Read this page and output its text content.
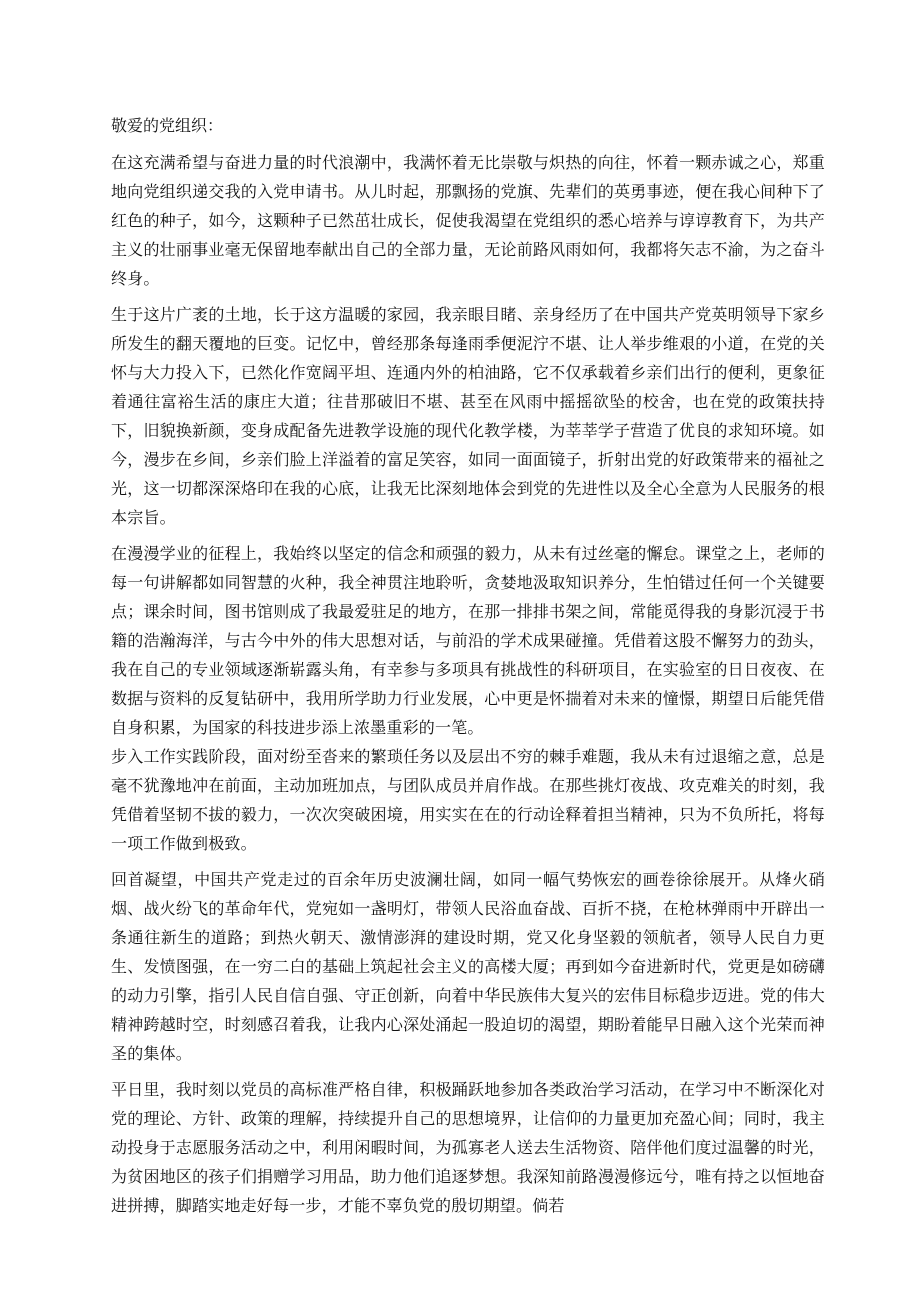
敬爱的党组织：

在这充满希望与奋进力量的时代浪潮中，我满怀着无比崇敬与炽热的向往，怀着一颗赤诚之心，郑重地向党组织递交我的入党申请书。从儿时起，那飘扬的党旗、先辈们的英勇事迹，便在我心间种下了红色的种子，如今，这颗种子已然茁壮成长，促使我渴望在党组织的悉心培养与谆谆教育下，为共产主义的壮丽事业毫无保留地奉献出自己的全部力量，无论前路风雨如何，我都将矢志不渝，为之奋斗终身。

生于这片广袤的土地，长于这方温暖的家园，我亲眼目睹、亲身经历了在中国共产党英明领导下家乡所发生的翻天覆地的巨变。记忆中，曾经那条每逢雨季便泥泞不堪、让人举步维艰的小道，在党的关怀与大力投入下，已然化作宽阔平坦、连通内外的柏油路，它不仅承载着乡亲们出行的便利，更象征着通往富裕生活的康庄大道；往昔那破旧不堪、甚至在风雨中摇摇欲坠的校舍，也在党的政策扶持下，旧貌换新颜，变身成配备先进教学设施的现代化教学楼，为莘莘学子营造了优良的求知环境。如今，漫步在乡间，乡亲们脸上洋溢着的富足笑容，如同一面面镜子，折射出党的好政策带来的福祉之光，这一切都深深烙印在我的心底，让我无比深刻地体会到党的先进性以及全心全意为人民服务的根本宗旨。

在漫漫学业的征程上，我始终以坚定的信念和顽强的毅力，从未有过丝毫的懈怠。课堂之上，老师的每一句讲解都如同智慧的火种，我全神贯注地聆听，贪婪地汲取知识养分，生怕错过任何一个关键要点；课余时间，图书馆则成了我最爱驻足的地方，在那一排排书架之间，常能觅得我的身影沉浸于书籍的浩瀚海洋，与古今中外的伟大思想对话，与前沿的学术成果碰撞。凭借着这股不懈努力的劲头，我在自己的专业领域逐渐崭露头角，有幸参与多项具有挑战性的科研项目，在实验室的日日夜夜、在数据与资料的反复钻研中，我用所学助力行业发展，心中更是怀揣着对未来的憧憬，期望日后能凭借自身积累，为国家的科技进步添上浓墨重彩的一笔。

步入工作实践阶段，面对纷至沓来的繁琐任务以及层出不穷的棘手难题，我从未有过退缩之意，总是毫不犹豫地冲在前面，主动加班加点，与团队成员并肩作战。在那些挑灯夜战、攻克难关的时刻，我凭借着坚韧不拔的毅力，一次次突破困境，用实实在在的行动诠释着担当精神，只为不负所托，将每一项工作做到极致。

回首凝望，中国共产党走过的百余年历史波澜壮阔，如同一幅气势恢宏的画卷徐徐展开。从烽火硝烟、战火纷飞的革命年代，党宛如一盏明灯，带领人民浴血奋战、百折不挠，在枪林弹雨中开辟出一条通往新生的道路；到热火朝天、激情澎湃的建设时期，党又化身坚毅的领航者，领导人民自力更生、发愤图强，在一穷二白的基础上筑起社会主义的高楼大厦；再到如今奋进新时代，党更是如磅礴的动力引擎，指引人民自信自强、守正创新，向着中华民族伟大复兴的宏伟目标稳步迈进。党的伟大精神跨越时空，时刻感召着我，让我内心深处涌起一股迫切的渴望，期盼着能早日融入这个光荣而神圣的集体。

平日里，我时刻以党员的高标准严格自律，积极踊跃地参加各类政治学习活动，在学习中不断深化对党的理论、方针、政策的理解，持续提升自己的思想境界，让信仰的力量更加充盈心间；同时，我主动投身于志愿服务活动之中，利用闲暇时间，为孤寡老人送去生活物资、陪伴他们度过温馨的时光，为贫困地区的孩子们捐赠学习用品，助力他们追逐梦想。我深知前路漫漫修远兮，唯有持之以恒地奋进拼搏，脚踏实地走好每一步，才能不辜负党的殷切期望。倘若
